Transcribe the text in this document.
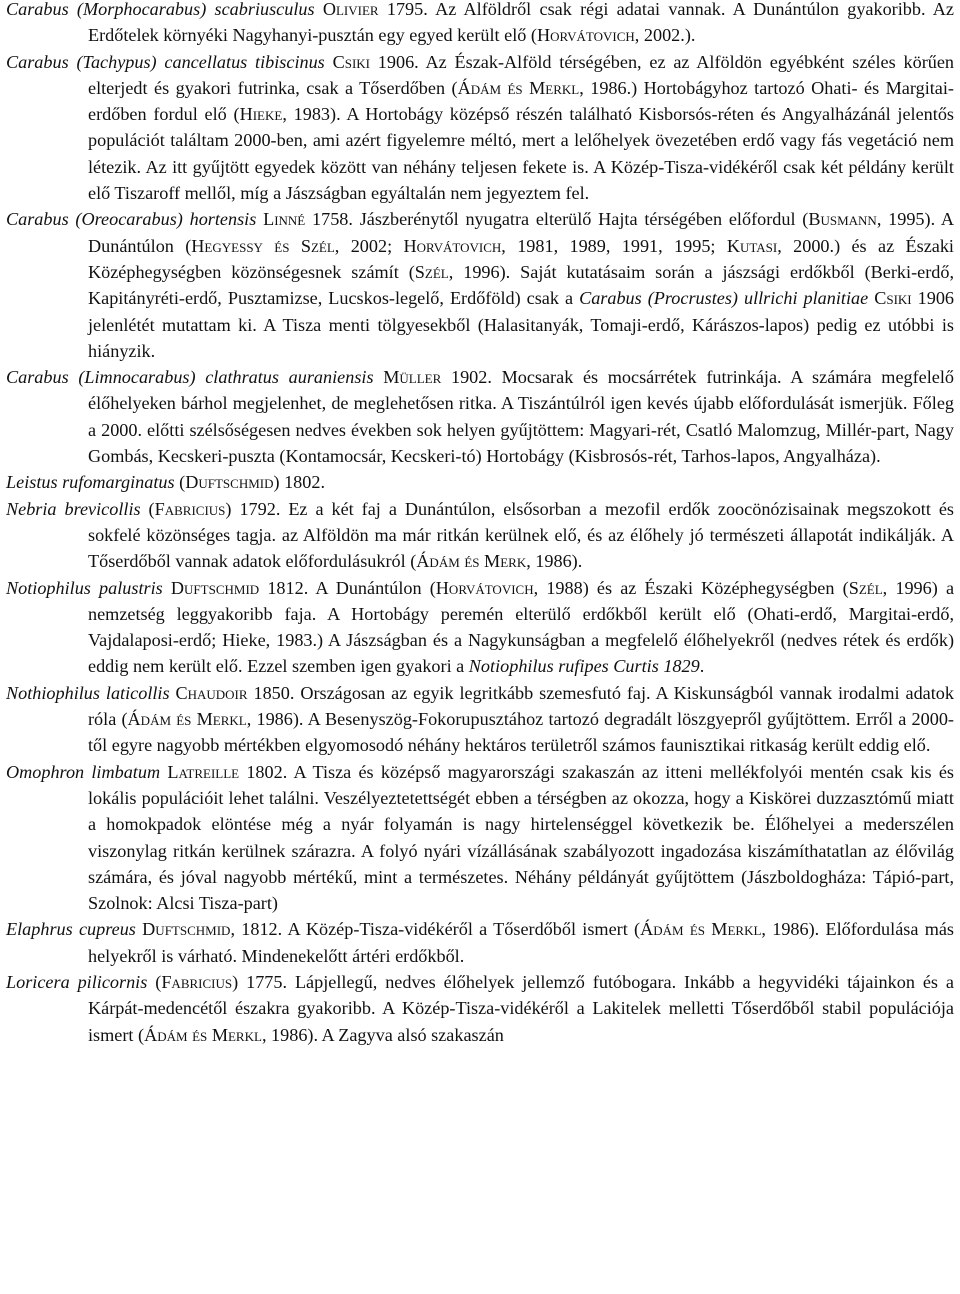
Carabus (Morphocarabus) scabriusculus Olivier 1795. Az Alföldről csak régi adatai vannak. A Dunántúlon gyakoribb. Az Erdőtelek környéki Nagyhanyi-pusztán egy egyed került elő (Horvátovich, 2002.).

Carabus (Tachypus) cancellatus tibiscinus Csiki 1906. Az Észak-Alföld térségében, ez az Alföldön egyébként széles körűen elterjedt és gyakori futrinka, csak a Tőserdőben (Ádám és Merkl, 1986.) Hortobágyhoz tartozó Ohati- és Margitai-erdőben fordul elő (Hieke, 1983). A Hortobágy középső részén található Kisborsós-réten és Angyalházánál jelentős populációt találtam 2000-ben, ami azért figyelemre méltó, mert a lelőhelyek övezetében erdő vagy fás vegetáció nem létezik. Az itt gyűjtött egyedek között van néhány teljesen fekete is. A Közép-Tisza-vidékéről csak két példány került elő Tiszaroff mellől, míg a Jászságban egyáltalán nem jegyeztem fel.

Carabus (Oreocarabus) hortensis Linné 1758. Jászberénytől nyugatra elterülő Hajta térségében előfordul (Busmann, 1995). A Dunántúlon (Hegyessy és Szél, 2002; Horvátovich, 1981, 1989, 1991, 1995; Kutasi, 2000.) és az Északi Középhegységben közönségesnek számít (Szél, 1996). Saját kutatásaim során a jászsági erdőkből (Berki-erdő, Kapitányréti-erdő, Pusztamizse, Lucskos-legelő, Erdőföld) csak a Carabus (Procrustes) ullrichi planitiae Csiki 1906 jelenlétét mutattam ki. A Tisza menti tölgyesekből (Halasitanyák, Tomaji-erdő, Kárászos-lapos) pedig ez utóbbi is hiányzik.

Carabus (Limnocarabus) clathratus auraniensis Müller 1902. Mocsarak és mocsárrétek futrinkája. A számára megfelelő élőhelyeken bárhol megjelenhet, de meglehetősen ritka. A Tiszántúlról igen kevés újabb előfordulását ismerjük. Főleg a 2000. előtti szélsőségesen nedves években sok helyen gyűjtöttem: Magyari-rét, Csatló Malomzug, Millér-part, Nagy Gombás, Kecskeri-puszta (Kontamocsár, Kecskeri-tó) Hortobágy (Kisbrosós-rét, Tarhos-lapos, Angyalháza).

Leistus rufomarginatus (Duftschmid) 1802.

Nebria brevicollis (Fabricius) 1792. Ez a két faj a Dunántúlon, elsősorban a mezofil erdők zoocönózisainak megszokott és sokfelé közönséges tagja. az Alföldön ma már ritkán kerülnek elő, és az élőhely jó természeti állapotát indikálják. A Tőserdőből vannak adatok előfordulásukról (Ádám és Merk, 1986).

Notiophilus palustris Duftschmid 1812. A Dunántúlon (Horvátovich, 1988) és az Északi Középhegységben (Szél, 1996) a nemzetség leggyakoribb faja. A Hortobágy peremén elterülő erdőkből került elő (Ohati-erdő, Margitai-erdő, Vajdalaposi-erdő; Hieke, 1983.) A Jászságban és a Nagykunságban a megfelelő élőhelyekről (nedves rétek és erdők) eddig nem került elő. Ezzel szemben igen gyakori a Notiophilus rufipes Curtis 1829.

Nothiophilus laticollis Chaudoir 1850. Országosan az egyik legritkább szemesfutó faj. A Kiskunságból vannak irodalmi adatok róla (Ádám és Merkl, 1986). A Besenyszög-Fokorupusztához tartozó degradált löszgyepről gyűjtöttem. Erről a 2000-től egyre nagyobb mértékben elgyomosodó néhány hektáros területről számos faunisztikai ritkaság került eddig elő.

Omophron limbatum Latreille 1802. A Tisza és középső magyarországi szakaszán az itteni mellékfolyói mentén csak kis és lokális populációit lehet találni. Veszélyeztetettségét ebben a térségben az okozza, hogy a Kiskörei duzzasztómű miatt a homokpadok elöntése még a nyár folyamán is nagy hirtelenséggel következik be. Élőhelyei a mederszélen viszonylag ritkán kerülnek szárazra. A folyó nyári vízállásának szabályozott ingadozása kiszámíthatatlan az élővilág számára, és jóval nagyobb mértékű, mint a természetes. Néhány példányát gyűjtöttem (Jászboldogháza: Tápió-part, Szolnok: Alcsi Tisza-part)

Elaphrus cupreus Duftschmid, 1812. A Közép-Tisza-vidékéről a Tőserdőből ismert (Ádám és Merkl, 1986). Előfordulása más helyekről is várható. Mindenekelőtt ártéri erdőkből.

Loricera pilicornis (Fabricius) 1775. Lápjellegű, nedves élőhelyek jellemző futóbogara. Inkább a hegyvidéki tájainkon és a Kárpát-medencétől északra gyakoribb. A Közép-Tisza-vidékéről a Lakitelek melletti Tőserdőből stabil populációja ismert (Ádám és Merkl, 1986). A Zagyva alsó szakaszán
